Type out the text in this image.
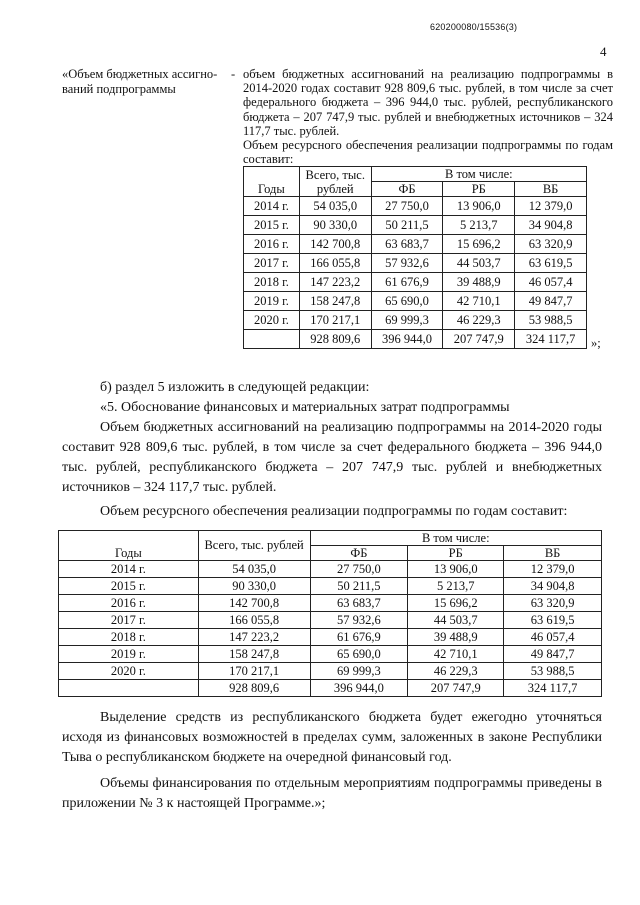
620200080/15536(3)
4
«Объем бюджетных ассигно-ваний подпрограммы
- объем бюджетных ассигнований на реализацию подпрограммы в 2014-2020 годах составит 928 809,6 тыс. рублей, в том числе за счет федерального бюджета – 396 944,0 тыс. рублей, республиканского бюджета – 207 747,9 тыс. рублей и внебюджетных источников – 324 117,7 тыс. рублей.

Объем ресурсного обеспечения реализации подпрограммы по годам составит:

Годы	Всего, тыс. рублей	В том числе:		
		ФБ	РБ	ВБ
2014 г.	54 035,0	27 750,0	13 906,0	12 379,0
2015 г.	90 330,0	50 211,5	5 213,7	34 904,8
2016 г.	142 700,8	63 683,7	15 696,2	63 320,9
2017 г.	166 055,8	57 932,6	44 503,7	63 619,5
2018 г.	147 223,2	61 676,9	39 488,9	46 057,4
2019 г.	158 247,8	65 690,0	42 710,1	49 847,7
2020 г.	170 217,1	69 999,3	46 229,3	53 988,5
	928 809,6	396 944,0	207 747,9	324 117,7 »;

б) раздел 5 изложить в следующей редакции:

«5. Обоснование финансовых и материальных затрат подпрограммы

Объем бюджетных ассигнований на реализацию подпрограммы на 2014-2020 годы составит 928 809,6 тыс. рублей, в том числе за счет федерального бюджета – 396 944,0 тыс. рублей, республиканского бюджета – 207 747,9 тыс. рублей и внебюджетных источников – 324 117,7 тыс. рублей.

Объем ресурсного обеспечения реализации подпрограммы по годам составит:

Годы	Всего, тыс. рублей	В том числе:		
		ФБ	РБ	ВБ
2014 г.	54 035,0	27 750,0	13 906,0	12 379,0
2015 г.	90 330,0	50 211,5	5 213,7	34 904,8
2016 г.	142 700,8	63 683,7	15 696,2	63 320,9
2017 г.	166 055,8	57 932,6	44 503,7	63 619,5
2018 г.	147 223,2	61 676,9	39 488,9	46 057,4
2019 г.	158 247,8	65 690,0	42 710,1	49 847,7
2020 г.	170 217,1	69 999,3	46 229,3	53 988,5
	928 809,6	396 944,0	207 747,9	324 117,7

Выделение средств из республиканского бюджета будет ежегодно уточняться исходя из финансовых возможностей в пределах сумм, заложенных в законе Республики Тыва о республиканском бюджете на очередной финансовый год.

Объемы финансирования по отдельным мероприятиям подпрограммы приведены в приложении № 3 к настоящей Программе.»;
